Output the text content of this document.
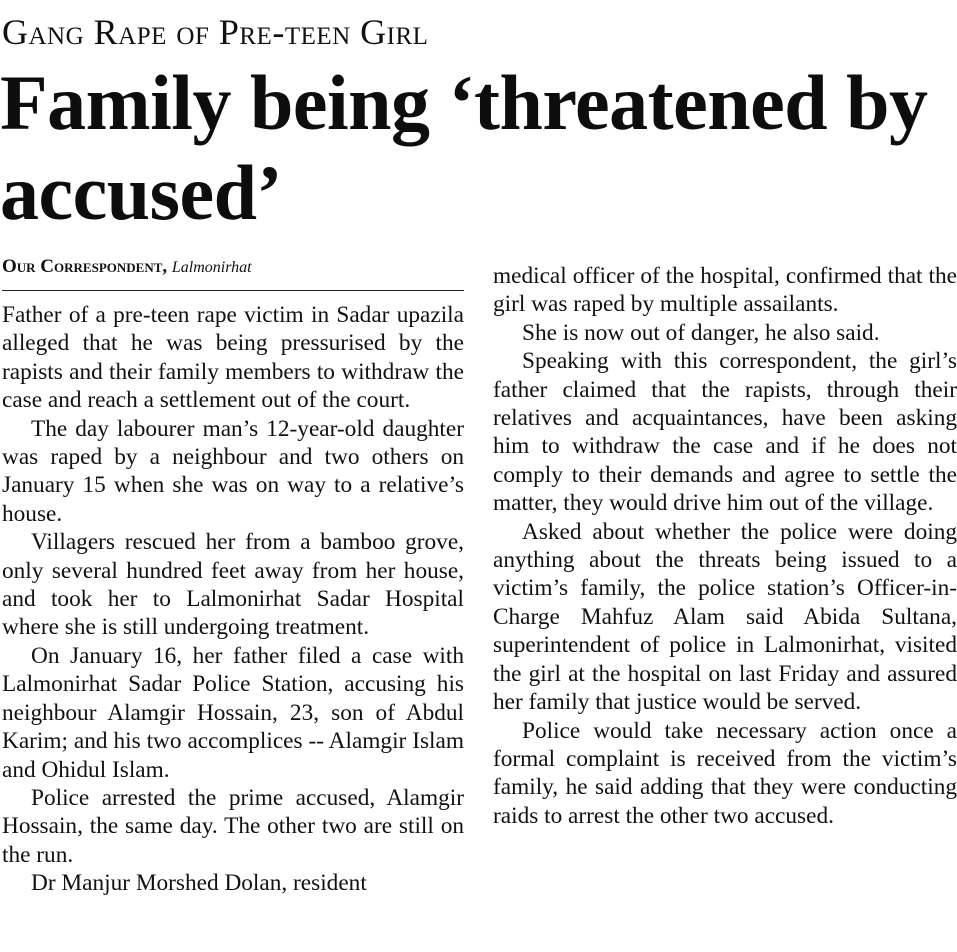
Gang Rape of Pre-teen Girl
Family being ‘threatened by accused’
Our Correspondent, Lalmonirhat

Father of a pre-teen rape victim in Sadar upazila alleged that he was being pressurised by the rapists and their family members to withdraw the case and reach a settlement out of the court.

The day labourer man’s 12-year-old daughter was raped by a neighbour and two others on January 15 when she was on way to a relative’s house.

Villagers rescued her from a bamboo grove, only several hundred feet away from her house, and took her to Lalmonirhat Sadar Hospital where she is still undergoing treatment.

On January 16, her father filed a case with Lalmonirhat Sadar Police Station, accusing his neighbour Alamgir Hossain, 23, son of Abdul Karim; and his two accomplices -- Alamgir Islam and Ohidul Islam.

Police arrested the prime accused, Alamgir Hossain, the same day. The other two are still on the run.

Dr Manjur Morshed Dolan, resident

medical officer of the hospital, confirmed that the girl was raped by multiple assailants.

She is now out of danger, he also said.

Speaking with this correspondent, the girl’s father claimed that the rapists, through their relatives and acquaintances, have been asking him to withdraw the case and if he does not comply to their demands and agree to settle the matter, they would drive him out of the village.

Asked about whether the police were doing anything about the threats being issued to a victim’s family, the police station’s Officer-in-Charge Mahfuz Alam said Abida Sultana, superintendent of police in Lalmonirhat, visited the girl at the hospital on last Friday and assured her family that justice would be served.

Police would take necessary action once a formal complaint is received from the victim’s family, he said adding that they were conducting raids to arrest the other two accused.
